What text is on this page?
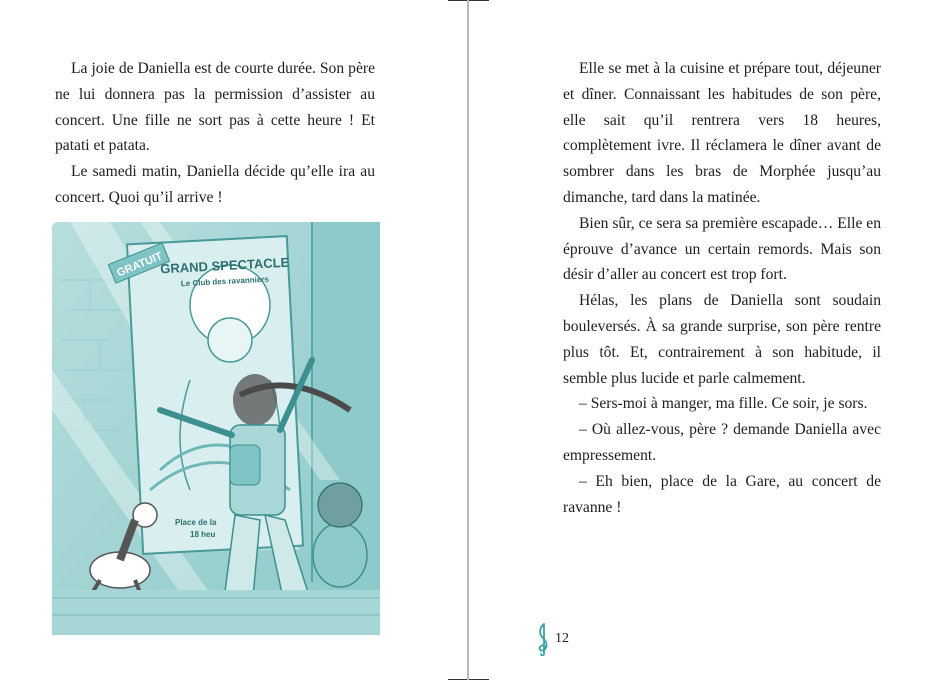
La joie de Daniella est de courte durée. Son père ne lui donnera pas la permission d’assister au concert. Une fille ne sort pas à cette heure ! Et patati et patata.

Le samedi matin, Daniella décide qu’elle ira au concert. Quoi qu’il arrive !

GRATUIT
GRAND SPECTACLE
Le Club des ravanniers
Place de la
18 heu

Elle se met à la cuisine et prépare tout, déjeuner et dîner. Connaissant les habitudes de son père, elle sait qu’il rentrera vers 18 heures, complètement ivre. Il réclamera le dîner avant de sombrer dans les bras de Morphée jusqu’au dimanche, tard dans la matinée.

Bien sûr, ce sera sa première escapade… Elle en éprouve d’avance un certain remords. Mais son désir d’aller au concert est trop fort.

Hélas, les plans de Daniella sont soudain bouleversés. À sa grande surprise, son père rentre plus tôt. Et, contrairement à son habitude, il semble plus lucide et parle calmement.

– Sers-moi à manger, ma fille. Ce soir, je sors.

– Où allez-vous, père ? demande Daniella avec empressement.

– Eh bien, place de la Gare, au concert de ravanne !

12
